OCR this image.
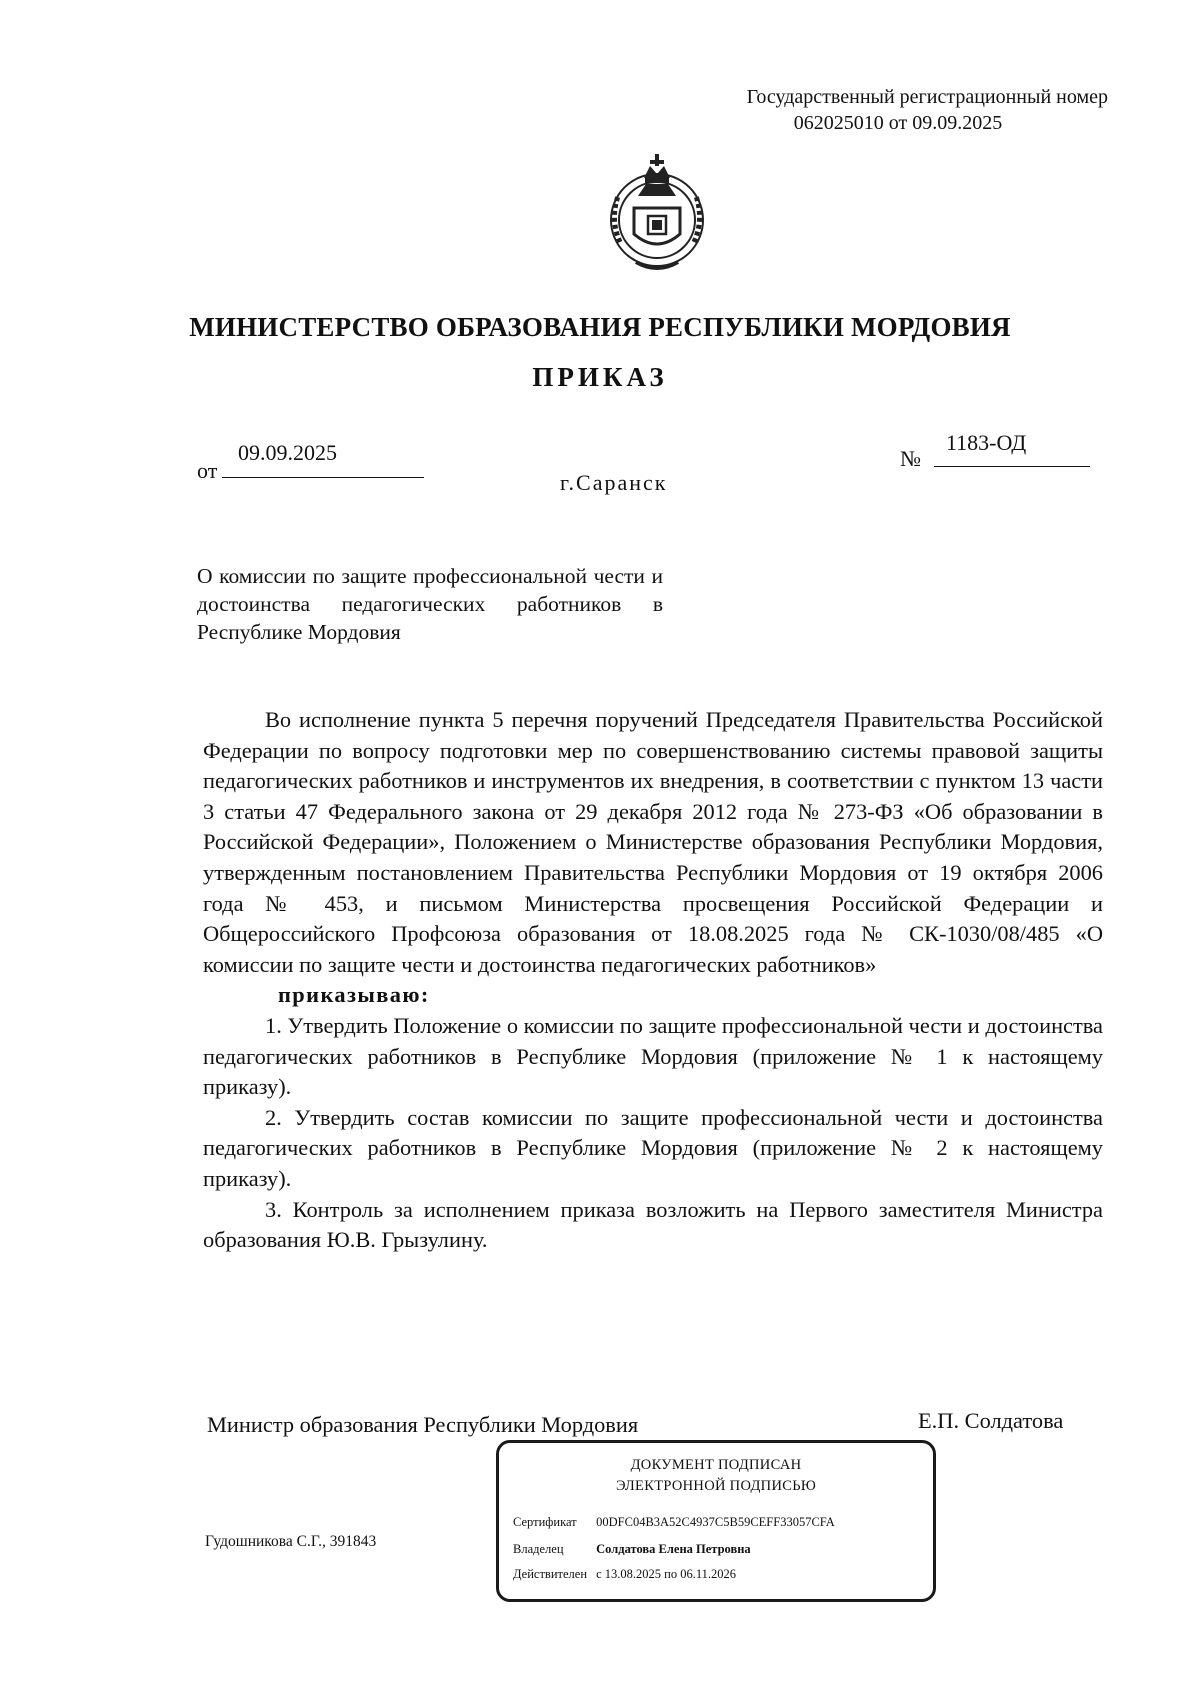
Государственный регистрационный номер
062025010 от 09.09.2025
МИНИСТЕРСТВО ОБРАЗОВАНИЯ РЕСПУБЛИКИ МОРДОВИЯ
ПРИКАЗ
от
09.09.2025
г.Саранск
№
1183-ОД
О комиссии по защите профессиональной чести и достоинства педагогических работников в Республике Мордовия

Во исполнение пункта 5 перечня поручений Председателя Правительства Российской Федерации по вопросу подготовки мер по совершенствованию системы правовой защиты педагогических работников и инструментов их внедрения, в соответствии с пунктом 13 части 3 статьи 47 Федерального закона от 29 декабря 2012 года № 273-ФЗ «Об образовании в Российской Федерации», Положением о Министерстве образования Республики Мордовия, утвержденным постановлением Правительства Республики Мордовия от 19 октября 2006 года № 453, и письмом Министерства просвещения Российской Федерации и Общероссийского Профсоюза образования от 18.08.2025 года № СК-1030/08/485 «О комиссии по защите чести и достоинства педагогических работников»

приказываю:

1. Утвердить Положение о комиссии по защите профессиональной чести и достоинства педагогических работников в Республике Мордовия (приложение № 1 к настоящему приказу).

2. Утвердить состав комиссии по защите профессиональной чести и достоинства педагогических работников в Республике Мордовия (приложение № 2 к настоящему приказу).

3. Контроль за исполнением приказа возложить на Первого заместителя Министра образования Ю.В. Грызулину.

Министр образования Республики Мордовия	Е.П. Солдатова
Гудошникова С.Г., 391843
ДОКУМЕНТ ПОДПИСАН
ЭЛЕКТРОННОЙ ПОДПИСЬЮ
Сертификат 00DFC04B3A52C4937C5B59CEFF33057CFA
Владелец	Солдатова Елена Петровна
Действителен с 13.08.2025 по 06.11.2026
